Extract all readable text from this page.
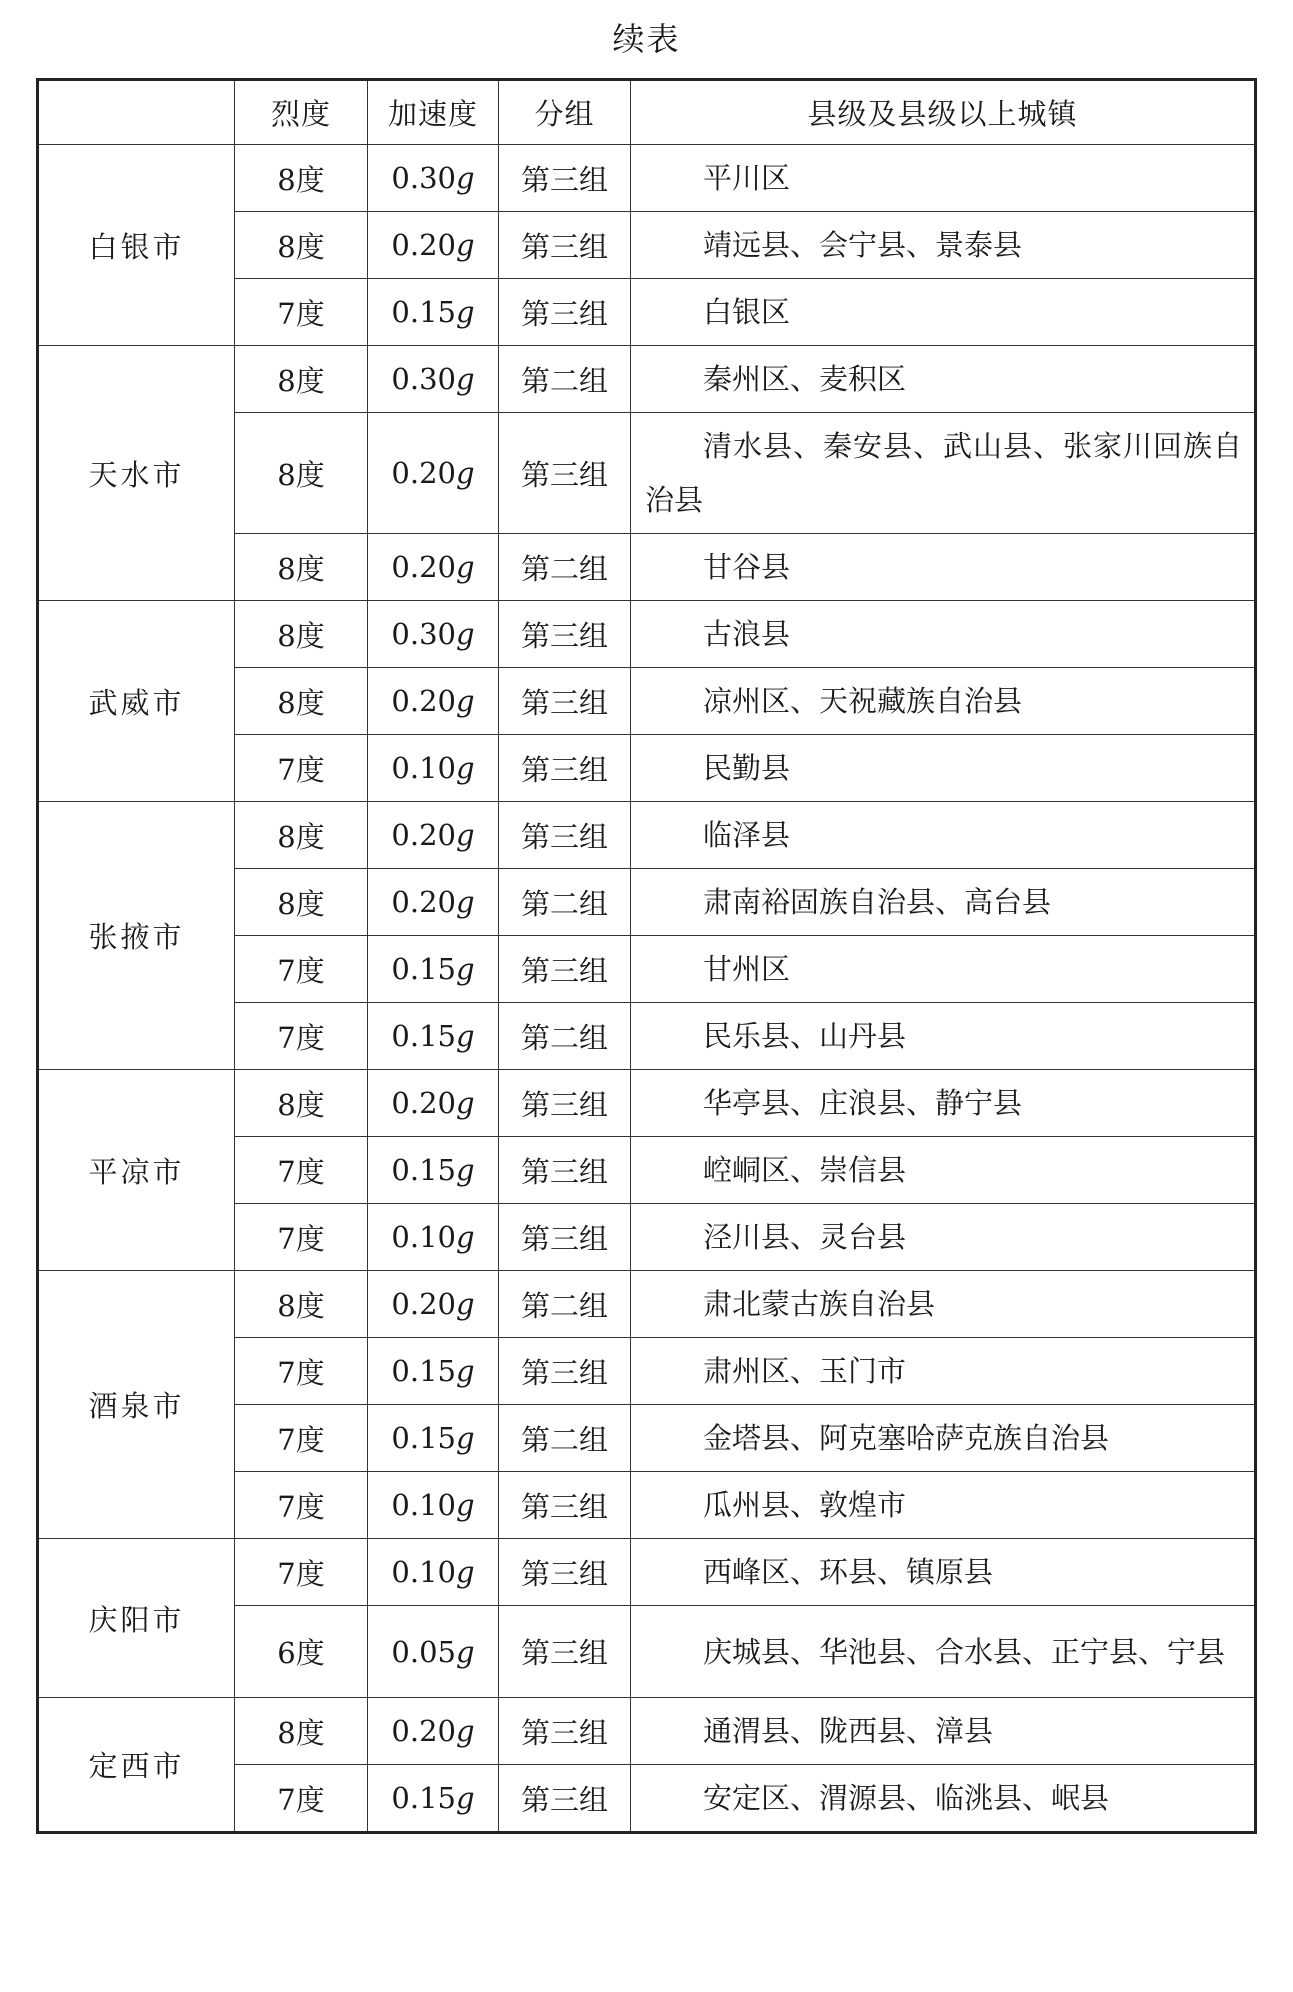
续表
	烈度	加速度	分组	县级及县级以上城镇
白银市	8度	0.30g	第三组	平川区

	8度	0.20g	第三组	靖远县、会宁县、景泰县

	7度	0.15g	第三组	白银区

天水市	8度	0.30g	第二组	秦州区、麦积区

	8度	0.20g	第三组	清水县、秦安县、武山县、张家川回族自治县

	8度	0.20g	第二组	甘谷县

武威市	8度	0.30g	第三组	古浪县

	8度	0.20g	第三组	凉州区、天祝藏族自治县

	7度	0.10g	第三组	民勤县

张掖市	8度	0.20g	第三组	临泽县

	8度	0.20g	第二组	肃南裕固族自治县、高台县

	7度	0.15g	第三组	甘州区

	7度	0.15g	第二组	民乐县、山丹县

平凉市	8度	0.20g	第三组	华亭县、庄浪县、静宁县

	7度	0.15g	第三组	崆峒区、崇信县

	7度	0.10g	第三组	泾川县、灵台县

酒泉市	8度	0.20g	第二组	肃北蒙古族自治县

	7度	0.15g	第三组	肃州区、玉门市

	7度	0.15g	第二组	金塔县、阿克塞哈萨克族自治县

	7度	0.10g	第三组	瓜州县、敦煌市

庆阳市	7度	0.10g	第三组	西峰区、环县、镇原县

	6度	0.05g	第三组	庆城县、华池县、合水县、正宁县、宁县

定西市	8度	0.20g	第三组	通渭县、陇西县、漳县

	7度	0.15g	第三组	安定区、渭源县、临洮县、岷县
